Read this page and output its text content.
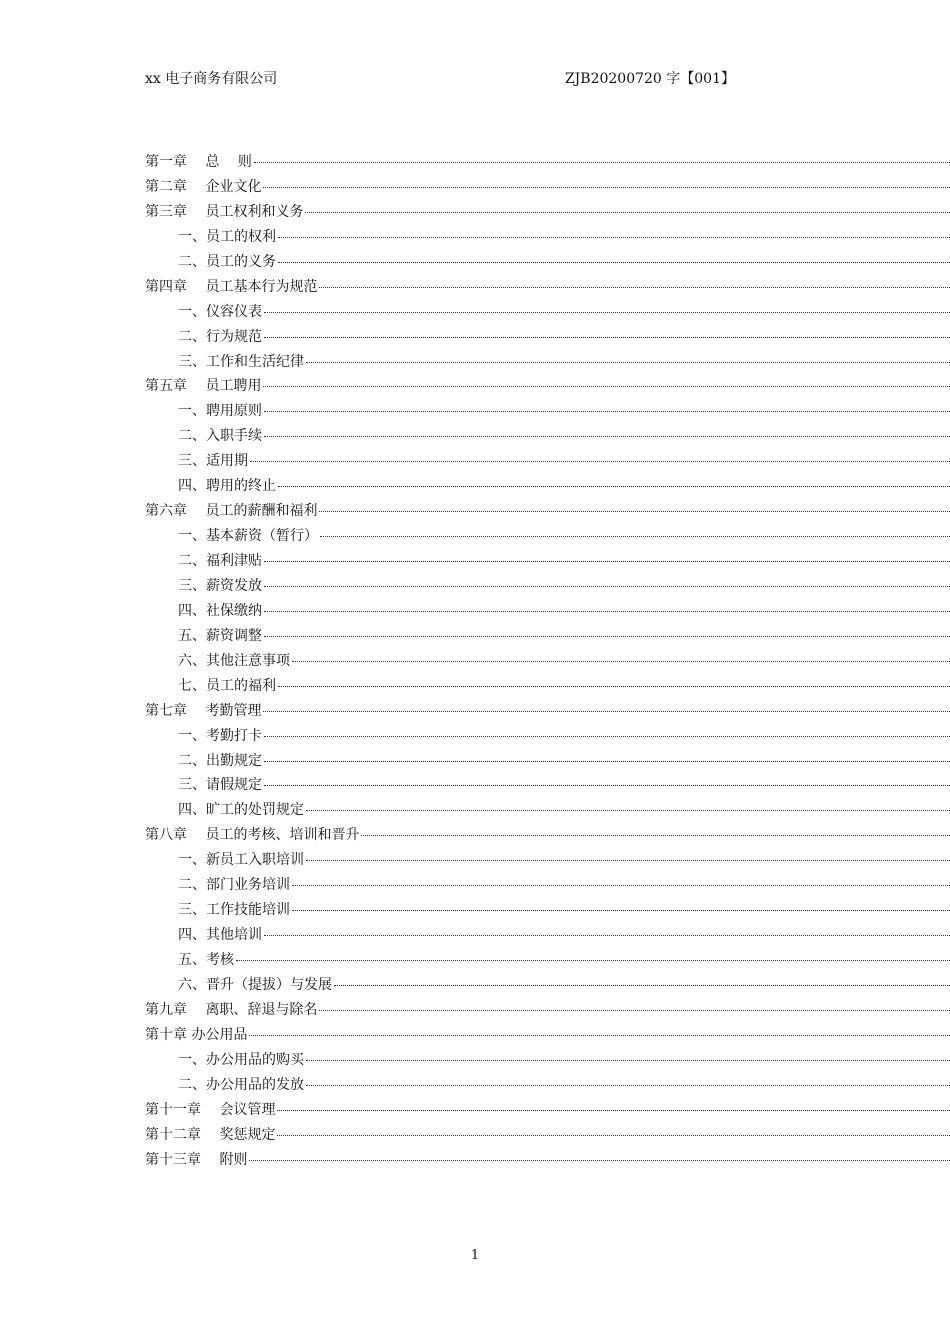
xx 电子商务有限公司	ZJB20200720 字【001】
第一章　 总　 则
第二章　 企业文化
第三章　 员工权利和义务
一、员工的权利
二、员工的义务
第四章　 员工基本行为规范
一、仪容仪表
二、行为规范
三、工作和生活纪律
第五章　 员工聘用
一、聘用原则
二、入职手续
三、适用期
四、聘用的终止
第六章　 员工的薪酬和福利
一、基本薪资（暂行）
二、福利津贴
三、薪资发放
四、社保缴纳
五、薪资调整
六、其他注意事项
七、员工的福利
第七章　 考勤管理
一、考勤打卡
二、出勤规定
三、请假规定
四、旷工的处罚规定
第八章　 员工的考核、培训和晋升
一、新员工入职培训
二、部门业务培训
三、工作技能培训
四、其他培训
五、考核
六、晋升（提拔）与发展
第九章　 离职、辞退与除名
第十章 办公用品
一、办公用品的购买
二、办公用品的发放
第十一章　 会议管理
第十二章　 奖惩规定
第十三章　 附则
1
